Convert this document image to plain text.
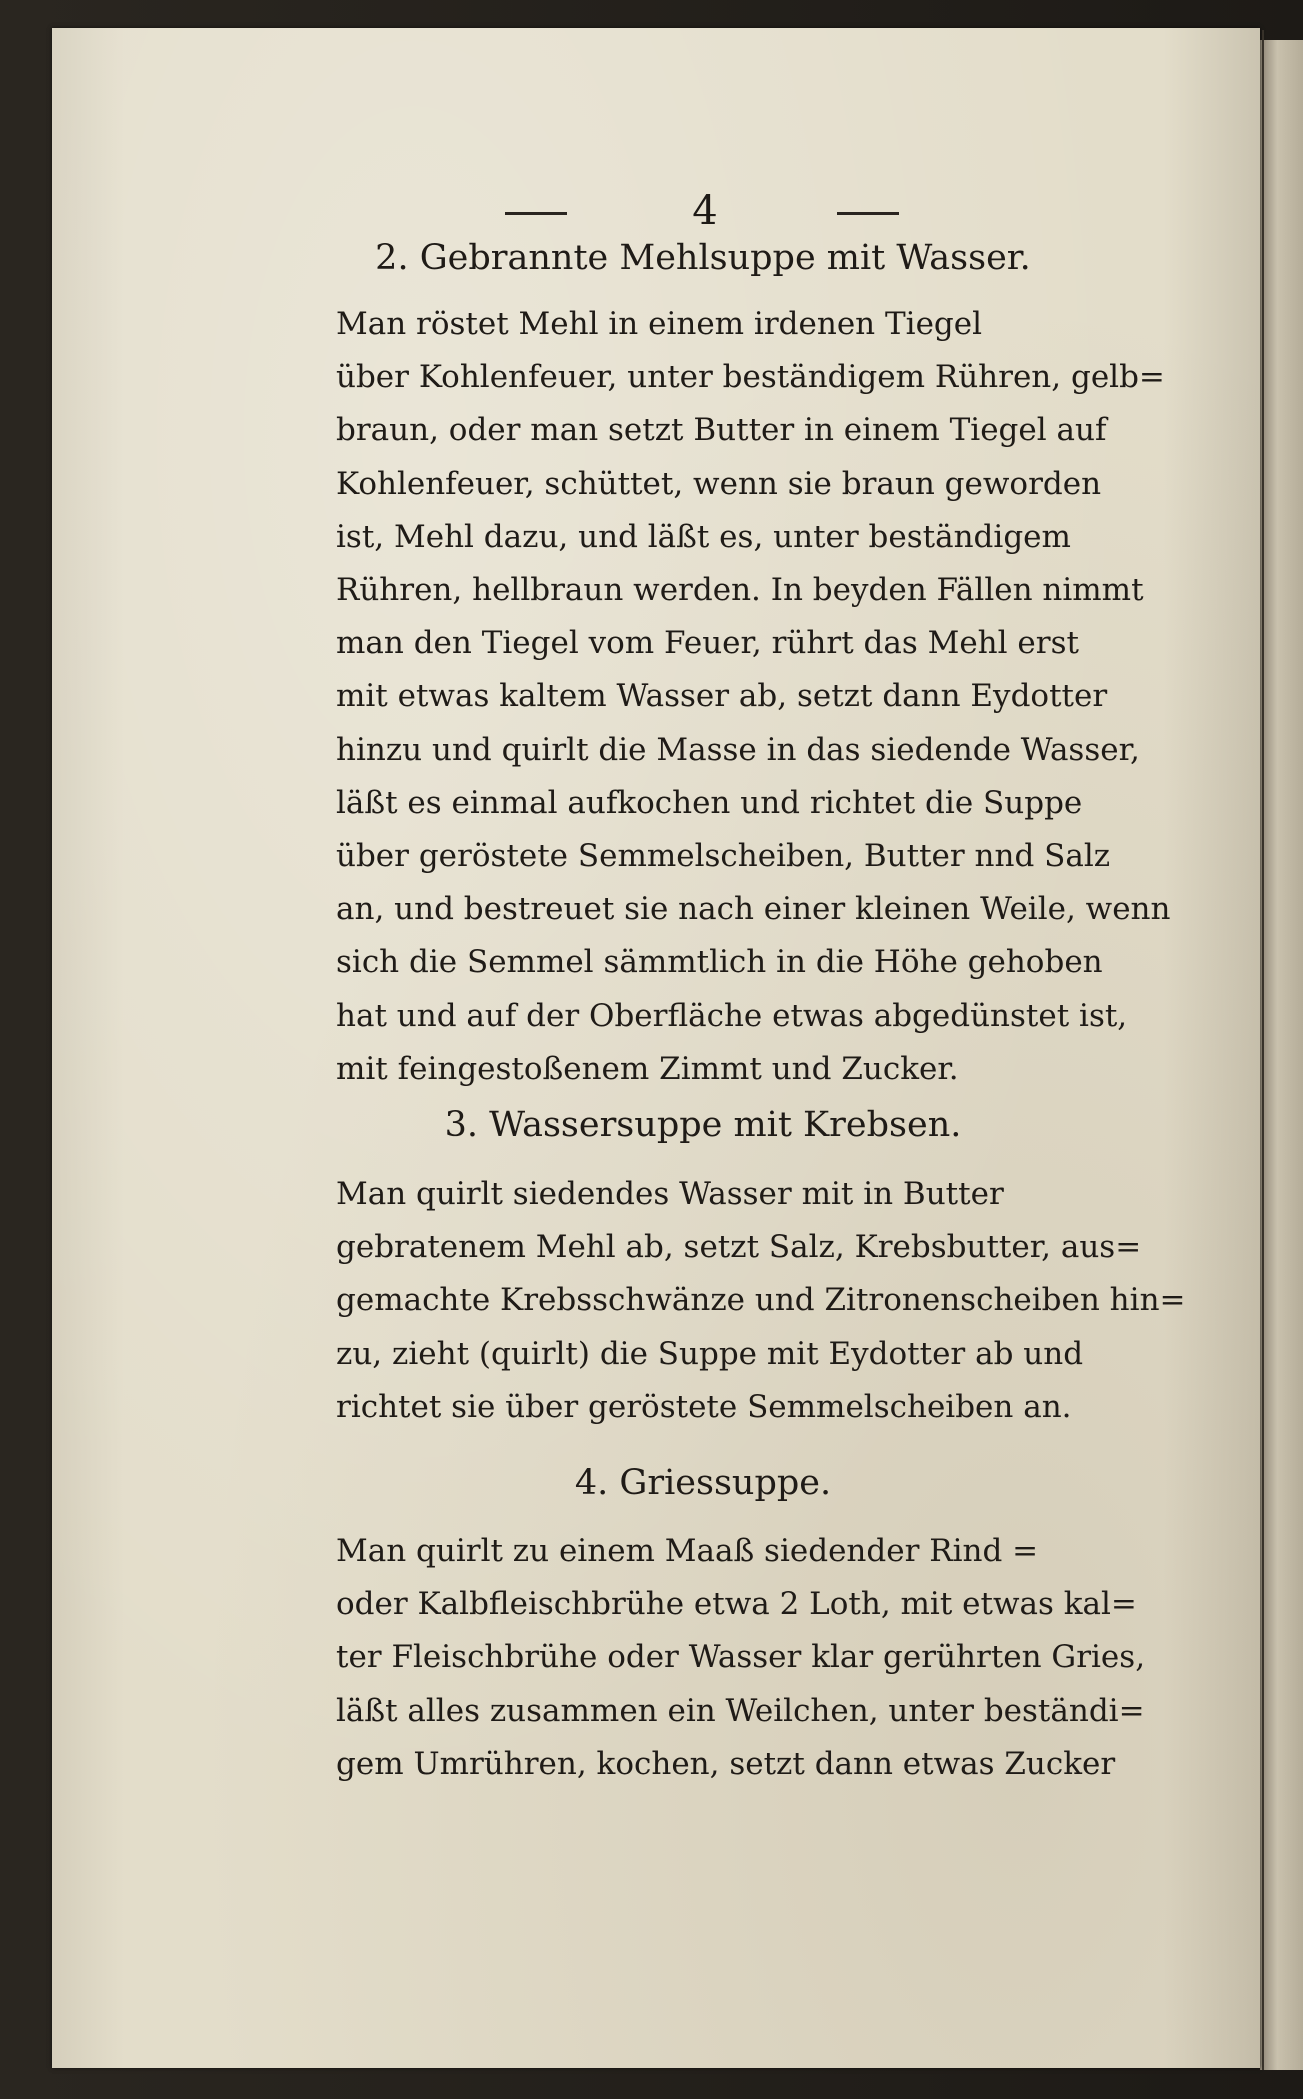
4
2. Gebrannte Mehlsuppe mit Wasser.

Man röstet Mehl in einem irdenen Tiegel
über Kohlenfeuer, unter beständigem Rühren, gelb=
braun, oder man setzt Butter in einem Tiegel auf
Kohlenfeuer, schüttet, wenn sie braun geworden
ist, Mehl dazu, und läßt es, unter beständigem
Rühren, hellbraun werden. In beyden Fällen nimmt
man den Tiegel vom Feuer, rührt das Mehl erst
mit etwas kaltem Wasser ab, setzt dann Eydotter
hinzu und quirlt die Masse in das siedende Wasser,
läßt es einmal aufkochen und richtet die Suppe
über geröstete Semmelscheiben, Butter nnd Salz
an, und bestreuet sie nach einer kleinen Weile, wenn
sich die Semmel sämmtlich in die Höhe gehoben
hat und auf der Oberfläche etwas abgedünstet ist,
mit feingestoßenem Zimmt und Zucker.

3. Wassersuppe mit Krebsen.

Man quirlt siedendes Wasser mit in Butter
gebratenem Mehl ab, setzt Salz, Krebsbutter, aus=
gemachte Krebsschwänze und Zitronenscheiben hin=
zu, zieht (quirlt) die Suppe mit Eydotter ab und
richtet sie über geröstete Semmelscheiben an.

4. Griessuppe.

Man quirlt zu einem Maaß siedender Rind =
oder Kalbfleischbrühe etwa 2 Loth, mit etwas kal=
ter Fleischbrühe oder Wasser klar gerührten Gries,
läßt alles zusammen ein Weilchen, unter beständi=
gem Umrühren, kochen, setzt dann etwas Zucker
